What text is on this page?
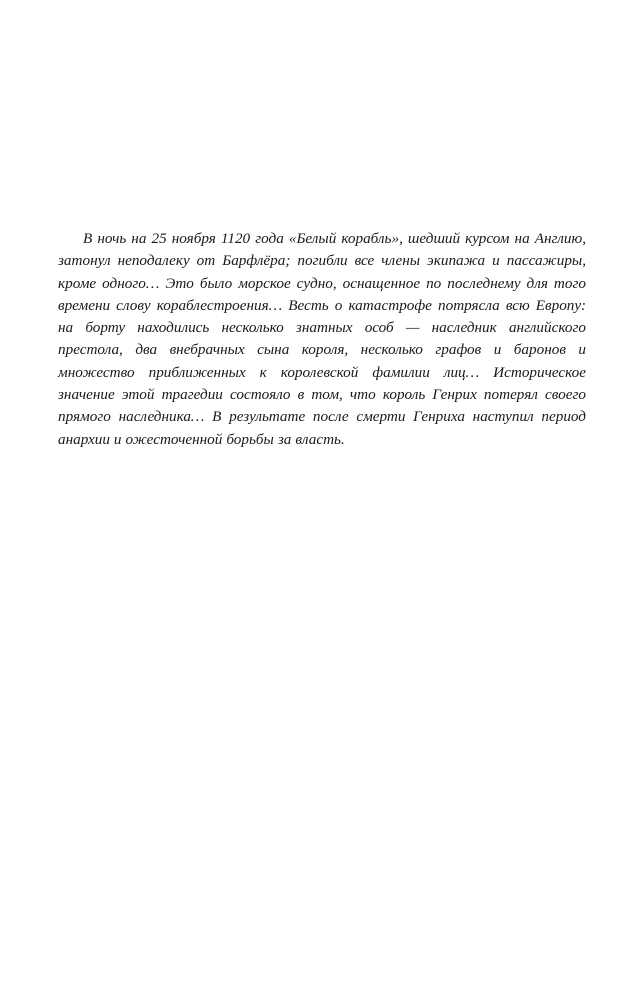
В ночь на 25 ноября 1120 года «Белый корабль», шедший курсом на Англию, затонул неподалеку от Барфлёра; погибли все члены экипажа и пассажиры, кроме одного… Это было морское судно, оснащенное по последнему для того времени слову кораблестроения… Весть о катастрофе потрясла всю Европу: на борту находились несколько знатных особ — наследник английского престола, два внебрачных сына короля, несколько графов и баронов и множество приближенных к королевской фамилии лиц… Историческое значение этой трагедии состояло в том, что король Генрих потерял своего прямого наследника… В результате после смерти Генриха наступил период анархии и ожесточенной борьбы за власть.
